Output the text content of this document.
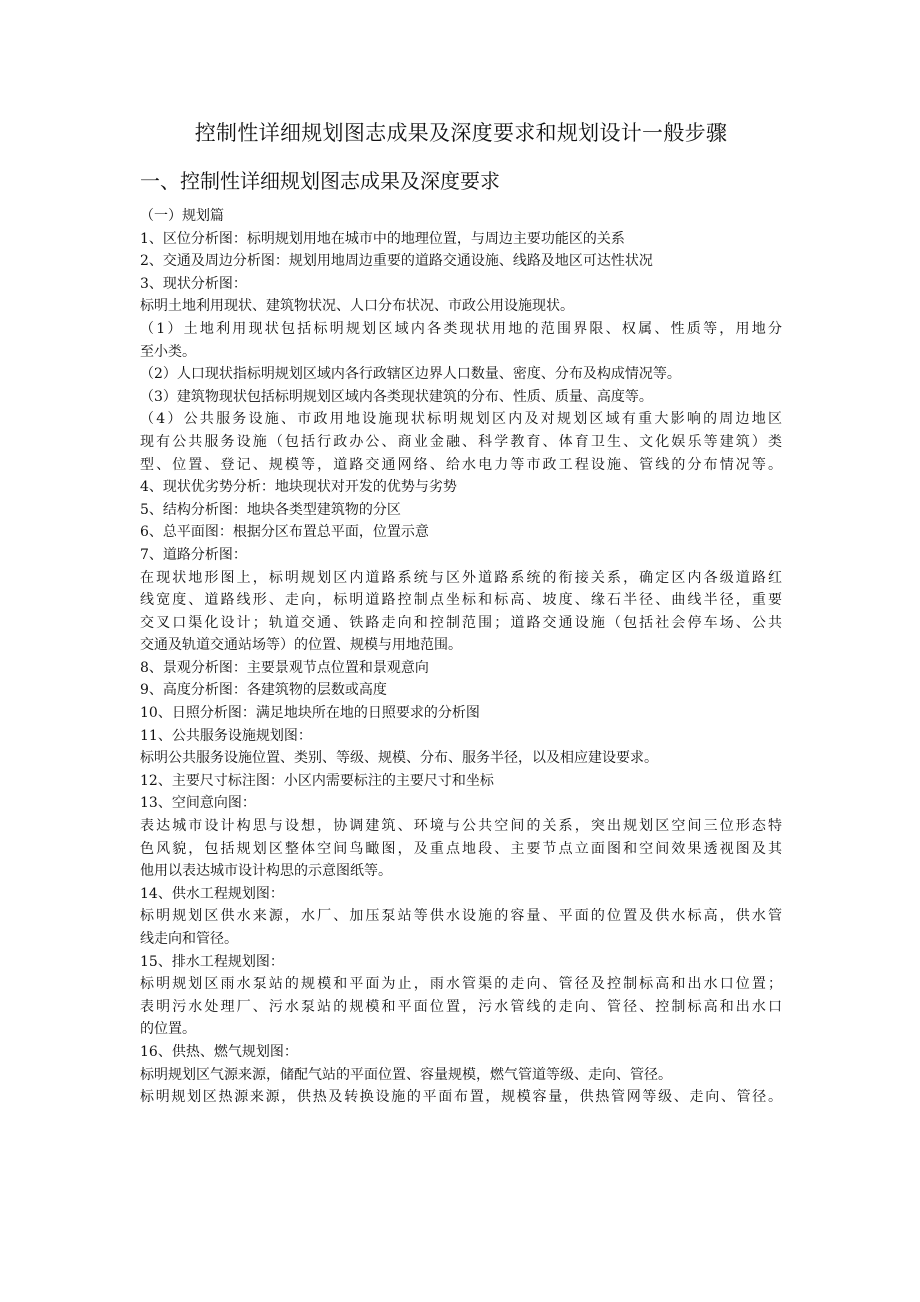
控制性详细规划图志成果及深度要求和规划设计一般步骤
一、控制性详细规划图志成果及深度要求
（一）规划篇
1、区位分析图：标明规划用地在城市中的地理位置，与周边主要功能区的关系
2、交通及周边分析图：规划用地周边重要的道路交通设施、线路及地区可达性状况
3、现状分析图：
标明土地利用现状、建筑物状况、人口分布状况、市政公用设施现状。
（1）土地利用现状包括标明规划区域内各类现状用地的范围界限、权属、性质等，用地分
至小类。
（2）人口现状指标明规划区域内各行政辖区边界人口数量、密度、分布及构成情况等。
（3）建筑物现状包括标明规划区域内各类现状建筑的分布、性质、质量、高度等。
（4）公共服务设施、市政用地设施现状标明规划区内及对规划区域有重大影响的周边地区
现有公共服务设施（包括行政办公、商业金融、科学教育、体育卫生、文化娱乐等建筑）类
型、位置、登记、规模等，道路交通网络、给水电力等市政工程设施、管线的分布情况等。
4、现状优劣势分析：地块现状对开发的优势与劣势
5、结构分析图：地块各类型建筑物的分区
6、总平面图：根据分区布置总平面，位置示意
7、道路分析图：
在现状地形图上，标明规划区内道路系统与区外道路系统的衔接关系，确定区内各级道路红
线宽度、道路线形、走向，标明道路控制点坐标和标高、坡度、缘石半径、曲线半径，重要
交叉口渠化设计；轨道交通、铁路走向和控制范围；道路交通设施（包括社会停车场、公共
交通及轨道交通站场等）的位置、规模与用地范围。
8、景观分析图：主要景观节点位置和景观意向
9、高度分析图：各建筑物的层数或高度
10、日照分析图：满足地块所在地的日照要求的分析图
11、公共服务设施规划图：
标明公共服务设施位置、类别、等级、规模、分布、服务半径，以及相应建设要求。
12、主要尺寸标注图：小区内需要标注的主要尺寸和坐标
13、空间意向图：
表达城市设计构思与设想，协调建筑、环境与公共空间的关系，突出规划区空间三位形态特
色风貌，包括规划区整体空间鸟瞰图，及重点地段、主要节点立面图和空间效果透视图及其
他用以表达城市设计构思的示意图纸等。
14、供水工程规划图：
标明规划区供水来源，水厂、加压泵站等供水设施的容量、平面的位置及供水标高，供水管
线走向和管径。
15、排水工程规划图：
标明规划区雨水泵站的规模和平面为止，雨水管渠的走向、管径及控制标高和出水口位置；
表明污水处理厂、污水泵站的规模和平面位置，污水管线的走向、管径、控制标高和出水口
的位置。
16、供热、燃气规划图：
标明规划区气源来源，储配气站的平面位置、容量规模，燃气管道等级、走向、管径。
标明规划区热源来源，供热及转换设施的平面布置，规模容量，供热管网等级、走向、管径。
